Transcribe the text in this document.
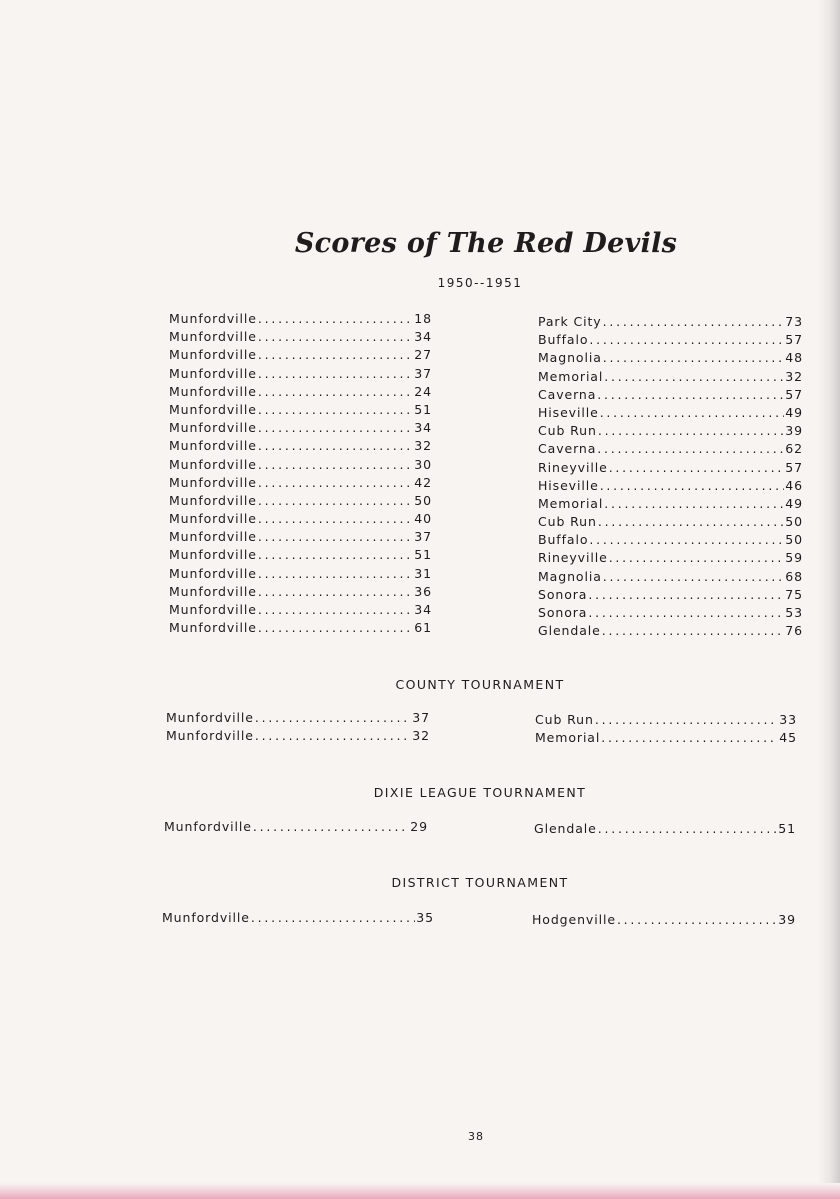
Scores of The Red Devils
1950--1951
Munfordville . . .	18
Munfordville . . .	34
Munfordville . . .	27
Munfordville . . .	37
Munfordville . . .	24
Munfordville . . .	51
Munfordville . . .	34
Munfordville . . .	32
Munfordville . . .	30
Munfordville . . .	42
Munfordville . . .	50
Munfordville . . .	40
Munfordville . . .	37
Munfordville . . .	51
Munfordville . . .	31
Munfordville . . .	36
Munfordville . . .	34
Munfordville . . .	61
Park City . . .	73
Buffalo . . .	57
Magnolia . . .	48
Memorial . . .	32
Caverna . . .	57
Hiseville . . .	49
Cub Run . . .	39
Caverna . . .	62
Rineyville . . .	57
Hiseville . . .	46
Memorial . . .	49
Cub Run . . .	50
Buffalo . . .	50
Rineyville . . .	59
Magnolia . . .	68
Sonora . . .	75
Sonora . . .	53
Glendale . . .	76
COUNTY TOURNAMENT
Munfordville . . .	37
Munfordville . . .	32
Cub Run . . .	33
Memorial . . .	45
DIXIE LEAGUE TOURNAMENT
Munfordville . . .	29	Glendale . . .	51
DISTRICT TOURNAMENT
Munfordville . . .	35	Hodgenville . . .	39
38
